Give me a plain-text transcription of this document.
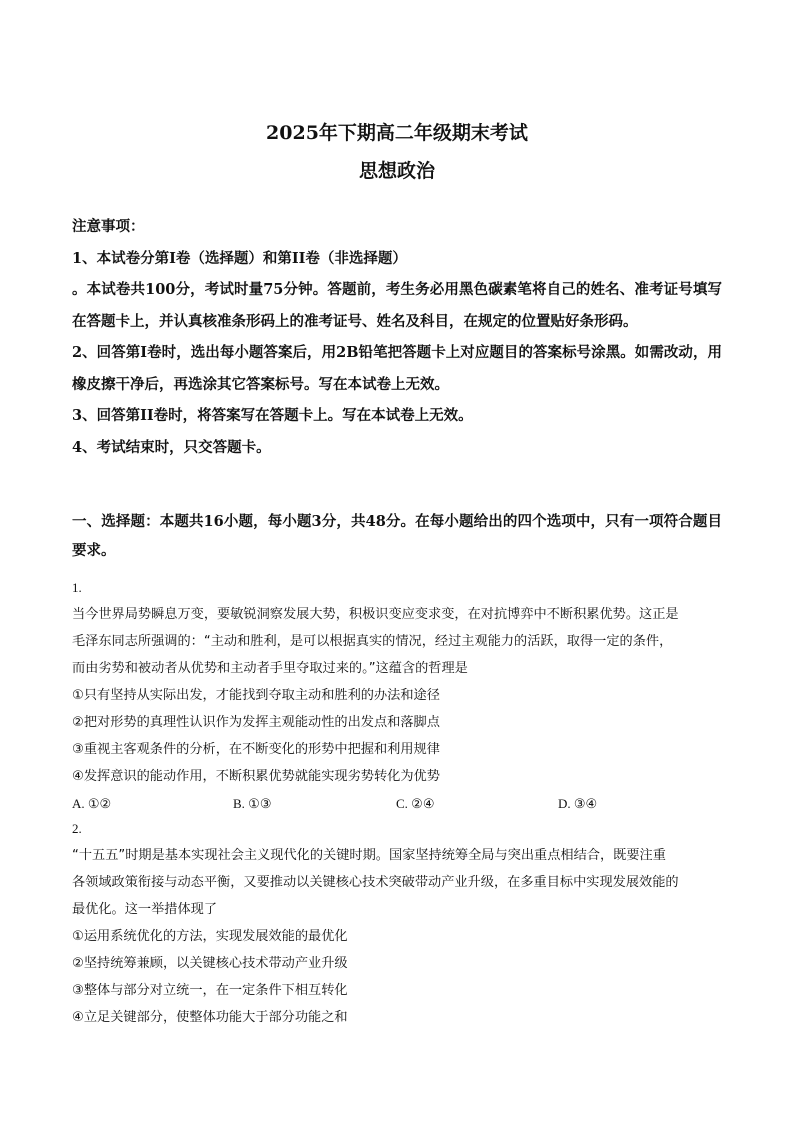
2025年下期高二年级期末考试
思想政治

注意事项：

1、本试卷分第I卷（选择题）和第II卷（非选择题）

。本试卷共100分，考试时量75分钟。答题前，考生务必用黑色碳素笔将自己的姓名、准考证号填写在答题卡上，并认真核准条形码上的准考证号、姓名及科目，在规定的位置贴好条形码。

2、回答第I卷时，选出每小题答案后，用2B铅笔把答题卡上对应题目的答案标号涂黑。如需改动，用橡皮擦干净后，再选涂其它答案标号。写在本试卷上无效。

3、回答第II卷时，将答案写在答题卡上。写在本试卷上无效。

4、考试结束时，只交答题卡。

一、选择题：本题共16小题，每小题3分，共48分。在每小题给出的四个选项中，只有一项符合题目要求。
1.
当今世界局势瞬息万变，要敏锐洞察发展大势，积极识变应变求变，在对抗博弈中不断积累优势。这正是
毛泽东同志所强调的：“主动和胜利，是可以根据真实的情况，经过主观能力的活跃，取得一定的条件，
而由劣势和被动者从优势和主动者手里夺取过来的。”这蕴含的哲理是
①只有坚持从实际出发，才能找到夺取主动和胜利的办法和途径
②把对形势的真理性认识作为发挥主观能动性的出发点和落脚点
③重视主客观条件的分析，在不断变化的形势中把握和利用规律
④发挥意识的能动作用，不断积累优势就能实现劣势转化为优势
A. ①②	B. ①③	C. ②④	D. ③④
2.
“十五五”时期是基本实现社会主义现代化的关键时期。国家坚持统筹全局与突出重点相结合，既要注重
各领域政策衔接与动态平衡，又要推动以关键核心技术突破带动产业升级，在多重目标中实现发展效能的
最优化。这一举措体现了
①运用系统优化的方法，实现发展效能的最优化
②坚持统筹兼顾，以关键核心技术带动产业升级
③整体与部分对立统一，在一定条件下相互转化
④立足关键部分，使整体功能大于部分功能之和
